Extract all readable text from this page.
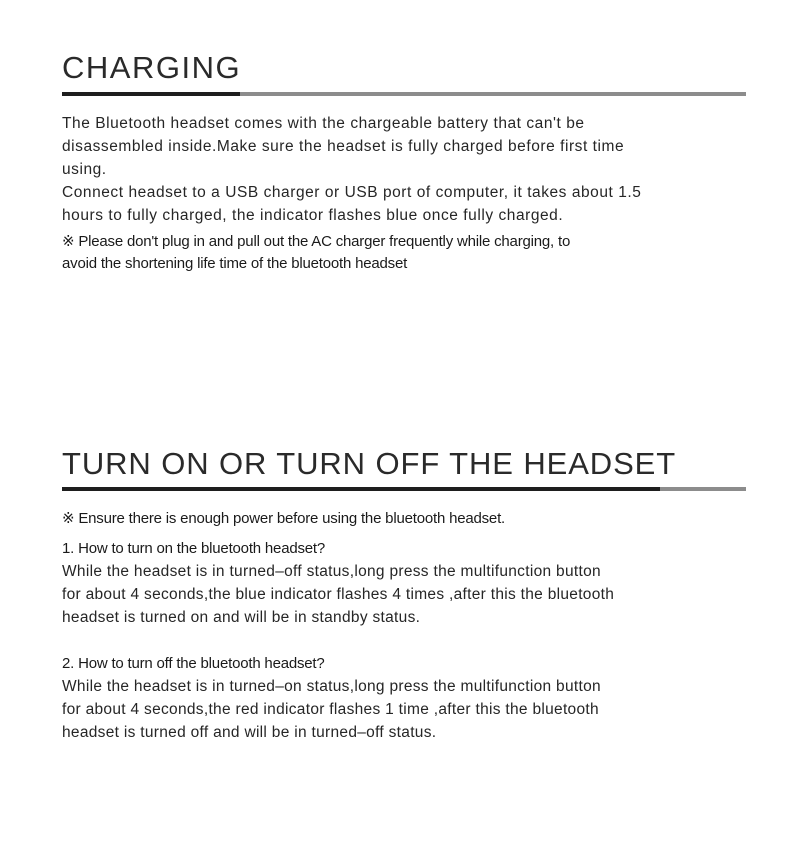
CHARGING

The Bluetooth headset comes with the chargeable battery that can't be

disassembled inside.Make sure the headset is fully charged before first time

using.

Connect headset to a USB charger or USB port of computer, it takes about 1.5

hours to fully charged, the indicator flashes blue once fully charged.

※ Please don't plug in and pull out the AC charger frequently while charging, to

avoid the shortening life time of the bluetooth headset

TURN ON OR TURN OFF THE HEADSET

※ Ensure there is enough power before using the bluetooth headset.

1. How to turn on the bluetooth headset?

While the headset is in turned–off status,long press the multifunction button

for about 4 seconds,the blue indicator flashes 4 times ,after this the bluetooth

headset is turned on and will be in standby status.

2. How to turn off the bluetooth headset?

While the headset is in turned–on status,long press the multifunction button

for about 4 seconds,the red indicator flashes 1 time ,after this the bluetooth

headset is turned off and will be in turned–off status.
